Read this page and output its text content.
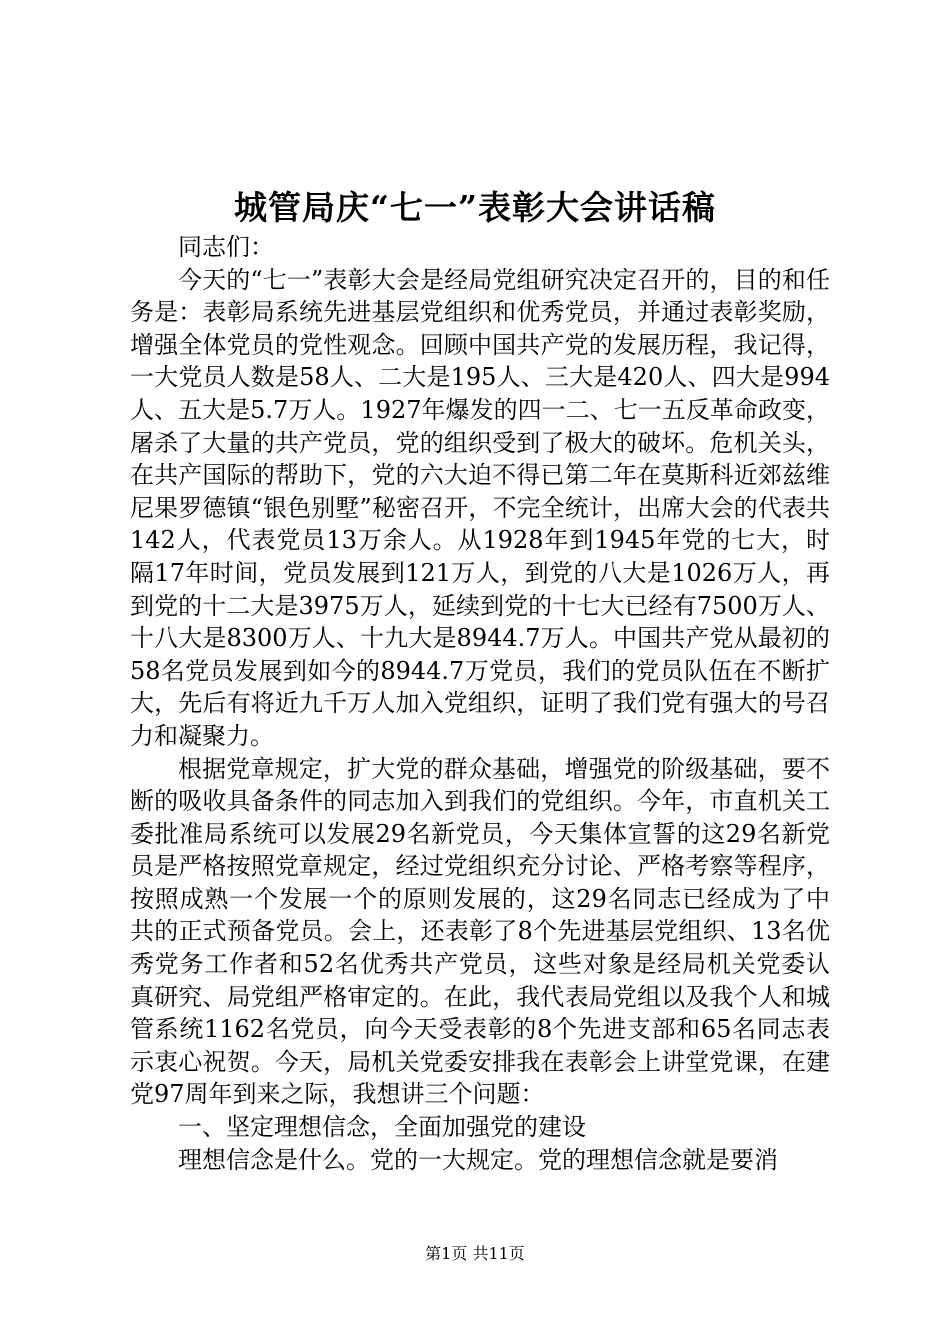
城管局庆“七一”表彰大会讲话稿

同志们：

今天的“七一”表彰大会是经局党组研究决定召开的，目的和任务是：表彰局系统先进基层党组织和优秀党员，并通过表彰奖励，增强全体党员的党性观念。回顾中国共产党的发展历程，我记得，一大党员人数是58人、二大是195人、三大是420人、四大是994人、五大是5.7万人。1927年爆发的四一二、七一五反革命政变，屠杀了大量的共产党员，党的组织受到了极大的破坏。危机关头，在共产国际的帮助下，党的六大迫不得已第二年在莫斯科近郊兹维尼果罗德镇“银色别墅”秘密召开，不完全统计，出席大会的代表共142人，代表党员13万余人。从1928年到1945年党的七大，时隔17年时间，党员发展到121万人，到党的八大是1026万人，再到党的十二大是3975万人，延续到党的十七大已经有7500万人、十八大是8300万人、十九大是8944.7万人。中国共产党从最初的58名党员发展到如今的8944.7万党员，我们的党员队伍在不断扩大，先后有将近九千万人加入党组织，证明了我们党有强大的号召力和凝聚力。

根据党章规定，扩大党的群众基础，增强党的阶级基础，要不断的吸收具备条件的同志加入到我们的党组织。今年，市直机关工委批准局系统可以发展29名新党员，今天集体宣誓的这29名新党员是严格按照党章规定，经过党组织充分讨论、严格考察等程序，按照成熟一个发展一个的原则发展的，这29名同志已经成为了中共的正式预备党员。会上，还表彰了8个先进基层党组织、13名优秀党务工作者和52名优秀共产党员，这些对象是经局机关党委认真研究、局党组严格审定的。在此，我代表局党组以及我个人和城管系统1162名党员，向今天受表彰的8个先进支部和65名同志表示衷心祝贺。今天，局机关党委安排我在表彰会上讲堂党课，在建党97周年到来之际，我想讲三个问题：

一、坚定理想信念，全面加强党的建设

理想信念是什么。党的一大规定。党的理想信念就是要消

第1页 共11页
